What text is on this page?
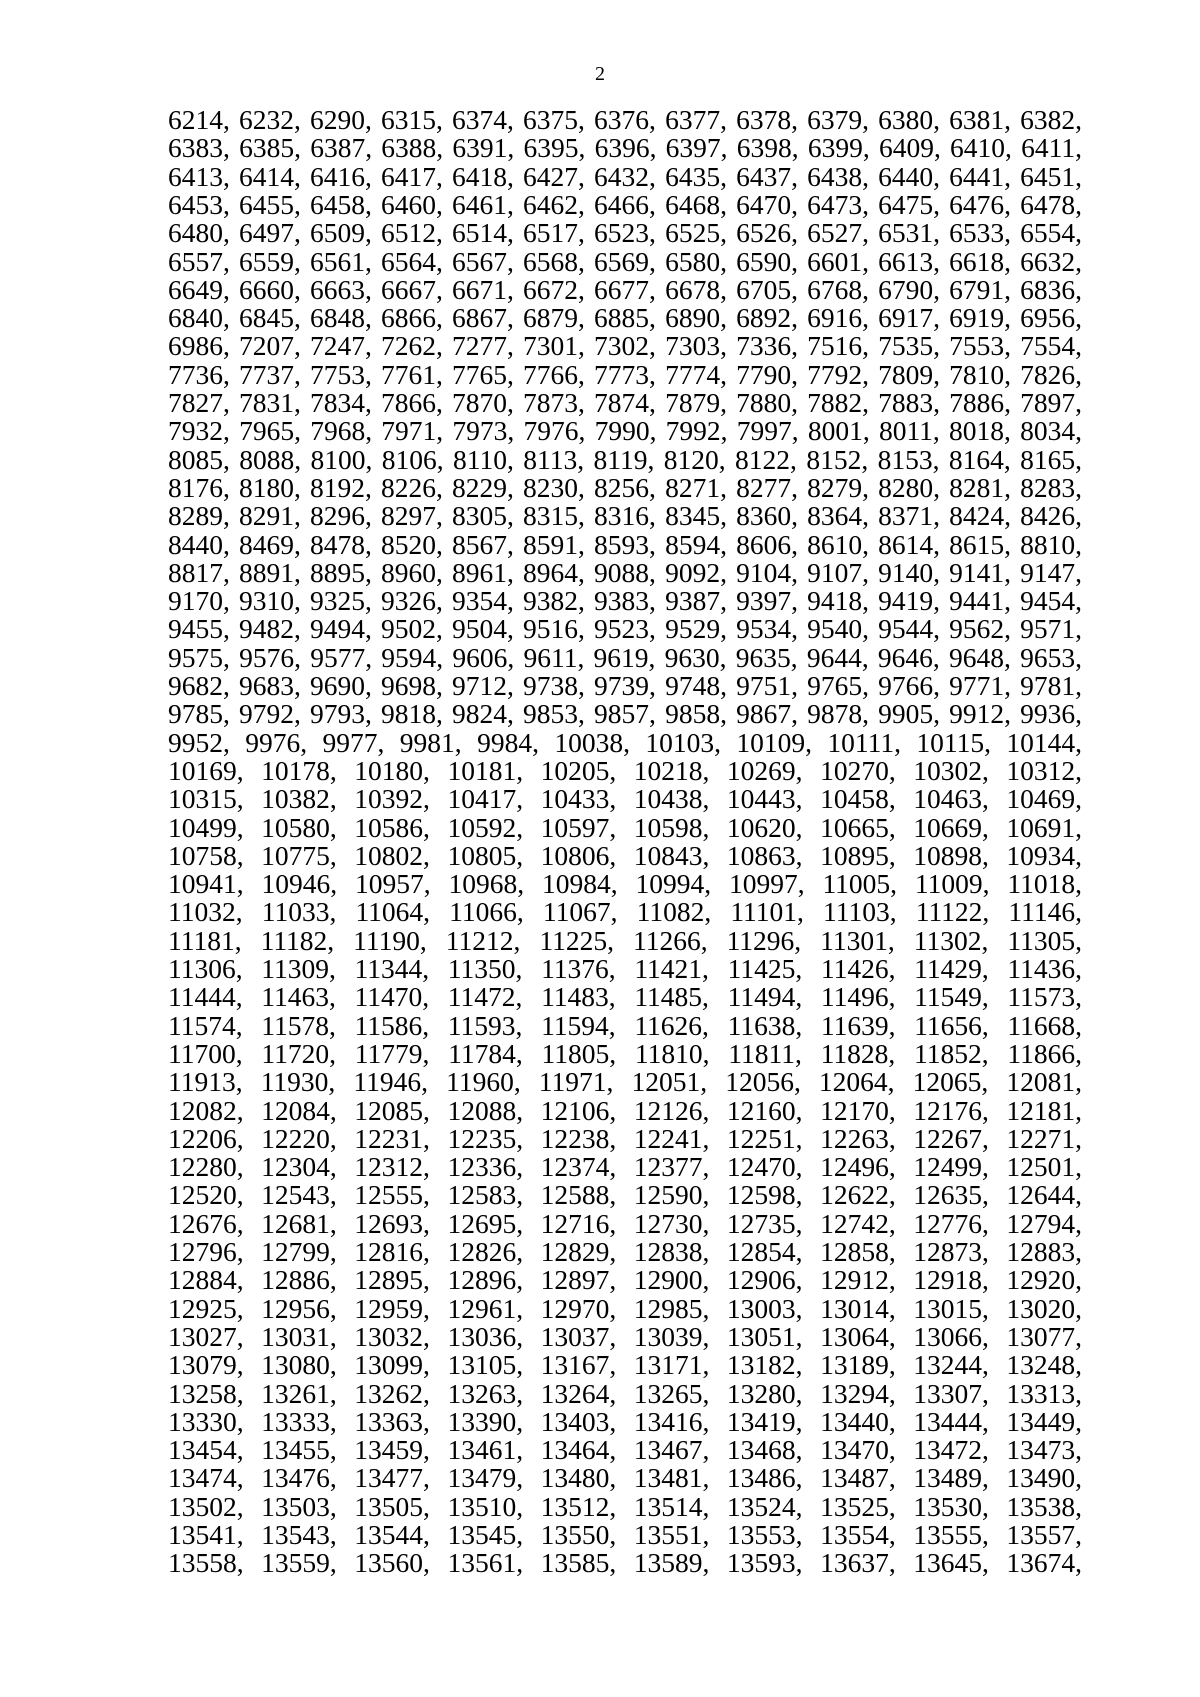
2
6214, 6232, 6290, 6315, 6374, 6375, 6376, 6377, 6378, 6379, 6380, 6381, 6382,
6383, 6385, 6387, 6388, 6391, 6395, 6396, 6397, 6398, 6399, 6409, 6410, 6411,
6413, 6414, 6416, 6417, 6418, 6427, 6432, 6435, 6437, 6438, 6440, 6441, 6451,
6453, 6455, 6458, 6460, 6461, 6462, 6466, 6468, 6470, 6473, 6475, 6476, 6478,
6480, 6497, 6509, 6512, 6514, 6517, 6523, 6525, 6526, 6527, 6531, 6533, 6554,
6557, 6559, 6561, 6564, 6567, 6568, 6569, 6580, 6590, 6601, 6613, 6618, 6632,
6649, 6660, 6663, 6667, 6671, 6672, 6677, 6678, 6705, 6768, 6790, 6791, 6836,
6840, 6845, 6848, 6866, 6867, 6879, 6885, 6890, 6892, 6916, 6917, 6919, 6956,
6986, 7207, 7247, 7262, 7277, 7301, 7302, 7303, 7336, 7516, 7535, 7553, 7554,
7736, 7737, 7753, 7761, 7765, 7766, 7773, 7774, 7790, 7792, 7809, 7810, 7826,
7827, 7831, 7834, 7866, 7870, 7873, 7874, 7879, 7880, 7882, 7883, 7886, 7897,
7932, 7965, 7968, 7971, 7973, 7976, 7990, 7992, 7997, 8001, 8011, 8018, 8034,
8085, 8088, 8100, 8106, 8110, 8113, 8119, 8120, 8122, 8152, 8153, 8164, 8165,
8176, 8180, 8192, 8226, 8229, 8230, 8256, 8271, 8277, 8279, 8280, 8281, 8283,
8289, 8291, 8296, 8297, 8305, 8315, 8316, 8345, 8360, 8364, 8371, 8424, 8426,
8440, 8469, 8478, 8520, 8567, 8591, 8593, 8594, 8606, 8610, 8614, 8615, 8810,
8817, 8891, 8895, 8960, 8961, 8964, 9088, 9092, 9104, 9107, 9140, 9141, 9147,
9170, 9310, 9325, 9326, 9354, 9382, 9383, 9387, 9397, 9418, 9419, 9441, 9454,
9455, 9482, 9494, 9502, 9504, 9516, 9523, 9529, 9534, 9540, 9544, 9562, 9571,
9575, 9576, 9577, 9594, 9606, 9611, 9619, 9630, 9635, 9644, 9646, 9648, 9653,
9682, 9683, 9690, 9698, 9712, 9738, 9739, 9748, 9751, 9765, 9766, 9771, 9781,
9785, 9792, 9793, 9818, 9824, 9853, 9857, 9858, 9867, 9878, 9905, 9912, 9936,
9952, 9976, 9977, 9981, 9984, 10038, 10103, 10109, 10111, 10115, 10144,
10169, 10178, 10180, 10181, 10205, 10218, 10269, 10270, 10302, 10312,
10315, 10382, 10392, 10417, 10433, 10438, 10443, 10458, 10463, 10469,
10499, 10580, 10586, 10592, 10597, 10598, 10620, 10665, 10669, 10691,
10758, 10775, 10802, 10805, 10806, 10843, 10863, 10895, 10898, 10934,
10941, 10946, 10957, 10968, 10984, 10994, 10997, 11005, 11009, 11018,
11032, 11033, 11064, 11066, 11067, 11082, 11101, 11103, 11122, 11146,
11181, 11182, 11190, 11212, 11225, 11266, 11296, 11301, 11302, 11305,
11306, 11309, 11344, 11350, 11376, 11421, 11425, 11426, 11429, 11436,
11444, 11463, 11470, 11472, 11483, 11485, 11494, 11496, 11549, 11573,
11574, 11578, 11586, 11593, 11594, 11626, 11638, 11639, 11656, 11668,
11700, 11720, 11779, 11784, 11805, 11810, 11811, 11828, 11852, 11866,
11913, 11930, 11946, 11960, 11971, 12051, 12056, 12064, 12065, 12081,
12082, 12084, 12085, 12088, 12106, 12126, 12160, 12170, 12176, 12181,
12206, 12220, 12231, 12235, 12238, 12241, 12251, 12263, 12267, 12271,
12280, 12304, 12312, 12336, 12374, 12377, 12470, 12496, 12499, 12501,
12520, 12543, 12555, 12583, 12588, 12590, 12598, 12622, 12635, 12644,
12676, 12681, 12693, 12695, 12716, 12730, 12735, 12742, 12776, 12794,
12796, 12799, 12816, 12826, 12829, 12838, 12854, 12858, 12873, 12883,
12884, 12886, 12895, 12896, 12897, 12900, 12906, 12912, 12918, 12920,
12925, 12956, 12959, 12961, 12970, 12985, 13003, 13014, 13015, 13020,
13027, 13031, 13032, 13036, 13037, 13039, 13051, 13064, 13066, 13077,
13079, 13080, 13099, 13105, 13167, 13171, 13182, 13189, 13244, 13248,
13258, 13261, 13262, 13263, 13264, 13265, 13280, 13294, 13307, 13313,
13330, 13333, 13363, 13390, 13403, 13416, 13419, 13440, 13444, 13449,
13454, 13455, 13459, 13461, 13464, 13467, 13468, 13470, 13472, 13473,
13474, 13476, 13477, 13479, 13480, 13481, 13486, 13487, 13489, 13490,
13502, 13503, 13505, 13510, 13512, 13514, 13524, 13525, 13530, 13538,
13541, 13543, 13544, 13545, 13550, 13551, 13553, 13554, 13555, 13557,
13558, 13559, 13560, 13561, 13585, 13589, 13593, 13637, 13645, 13674,
